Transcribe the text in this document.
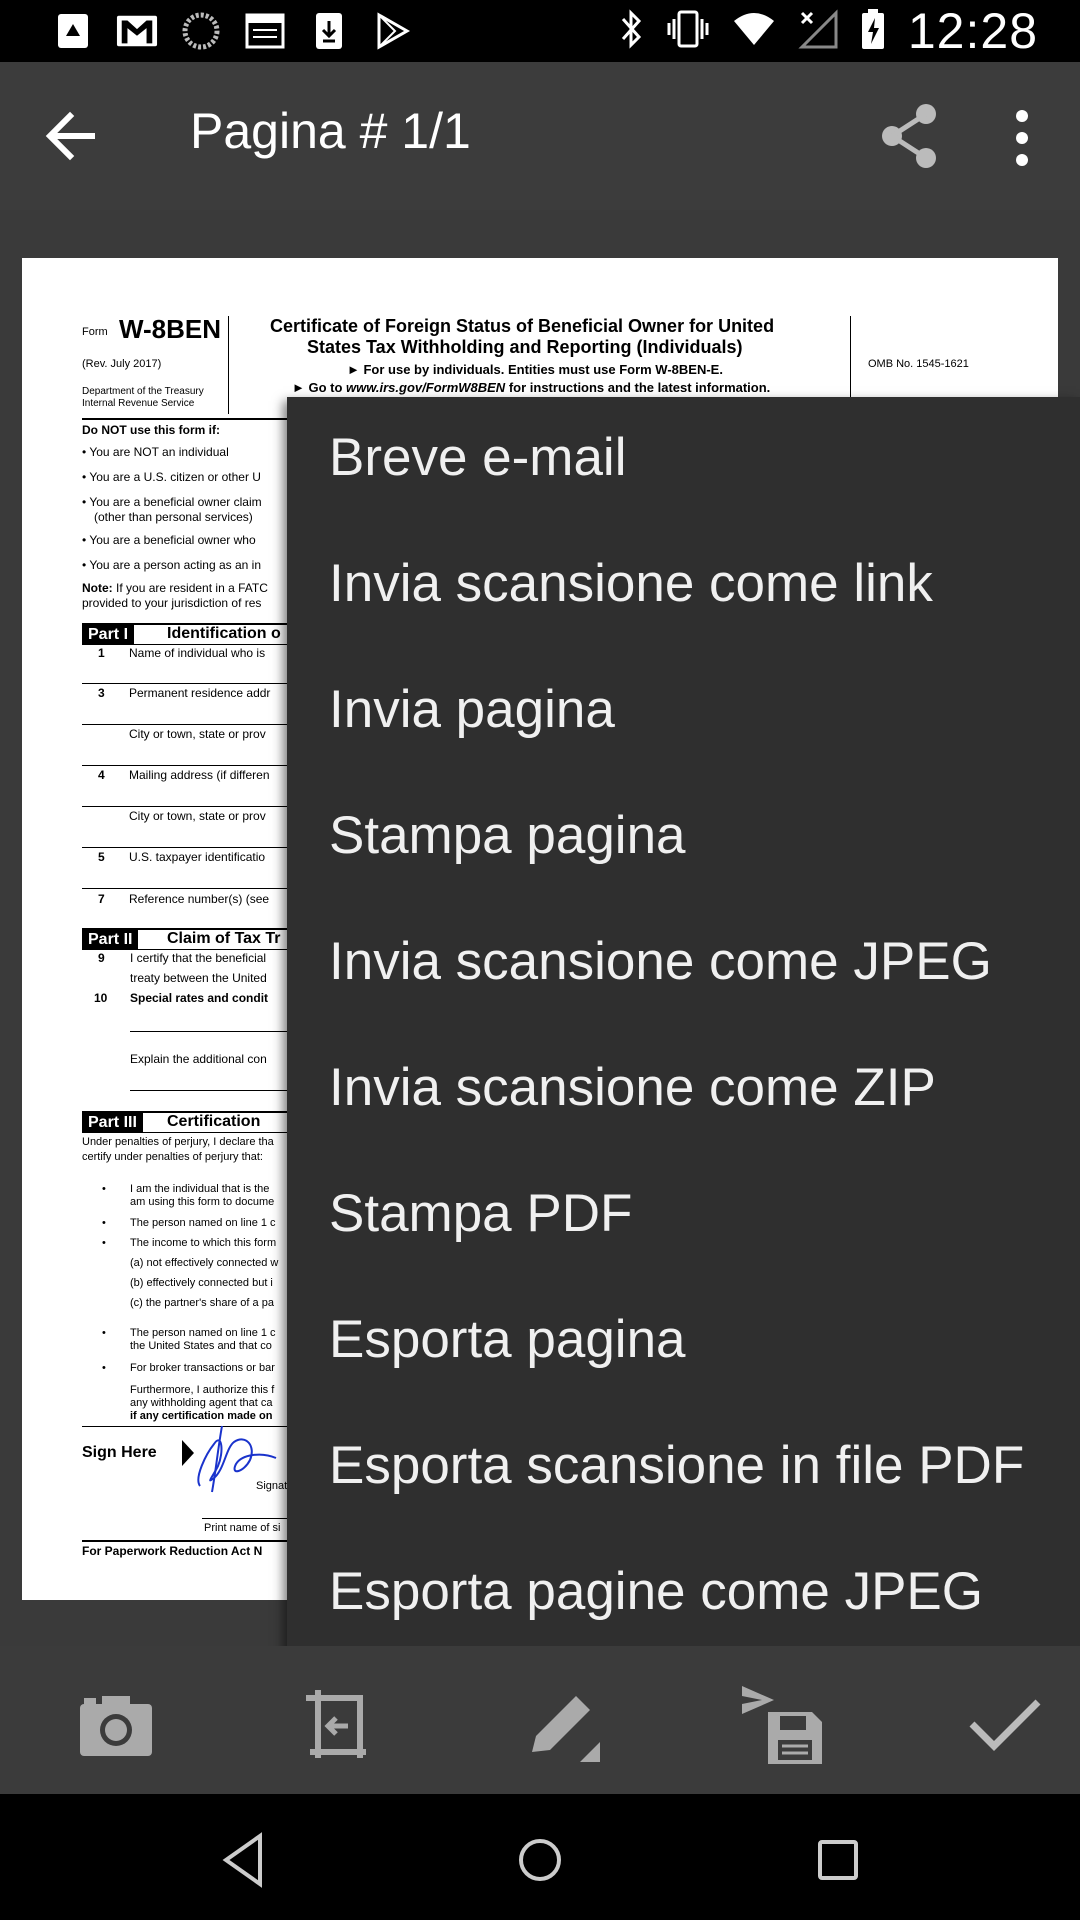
12:28
Pagina # 1/1
Form W-8BEN
(Rev. July 2017)
Department of the Treasury
Internal Revenue Service
Certificate of Foreign Status of Beneficial Owner for United
States Tax Withholding and Reporting (Individuals)
► For use by individuals. Entities must use Form W-8BEN-E.
► Go to www.irs.gov/FormW8BEN for instructions and the latest information.
OMB No. 1545-1621
Do NOT use this form if:
• You are NOT an individual
• You are a U.S. citizen or other U
• You are a beneficial owner claim
(other than personal services)
• You are a beneficial owner who
• You are a person acting as an in
Note: If you are resident in a FATC
provided to your jurisdiction of res
Part I	Identification o
1 Name of individual who is
3 Permanent residence addr
City or town, state or prov
4 Mailing address (if differen
City or town, state or prov
5 U.S. taxpayer identificatio
7 Reference number(s) (see
Part II	Claim of Tax Tr
9 I certify that the beneficial
treaty between the United
10 Special rates and condit
Explain the additional con
Part III	Certification
Under penalties of perjury, I declare tha
certify under penalties of perjury that:
• I am the individual that is the
am using this form to docume
• The person named on line 1 c
• The income to which this form
(a) not effectively connected w
(b) effectively connected but i
(c) the partner's share of a pa
• The person named on line 1 c
the United States and that co
• For broker transactions or bar
Furthermore, I authorize this f
any withholding agent that ca
if any certification made on
Sign Here
Signat
Print name of si
For Paperwork Reduction Act N
Breve e-mail
Invia scansione come link
Invia pagina
Stampa pagina
Invia scansione come JPEG
Invia scansione come ZIP
Stampa PDF
Esporta pagina
Esporta scansione in file PDF
Esporta pagine come JPEG
